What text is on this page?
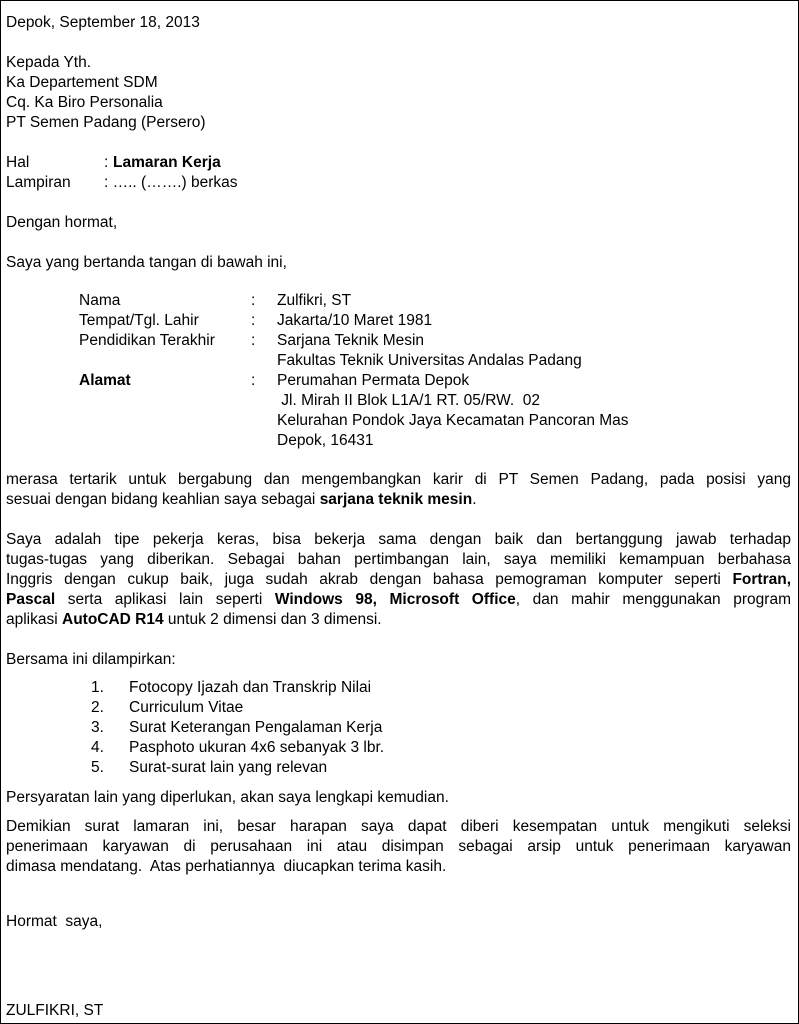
Depok, September 18, 2013
Kepada Yth.
Ka Departement SDM
Cq. Ka Biro Personalia
PT Semen Padang (Persero)
Hal	: Lamaran Kerja
Lampiran : ….. (…….) berkas
Dengan hormat,
Saya yang bertanda tangan di bawah ini,
Nama	: Zulfikri, ST
Tempat/Tgl. Lahir	: Jakarta/10 Maret 1981
Pendidikan Terakhir : Sarjana Teknik Mesin
Fakultas Teknik Universitas Andalas Padang
Alamat	: Perumahan Permata Depok
Jl. Mirah II Blok L1A/1 RT. 05/RW.  02
Kelurahan Pondok Jaya Kecamatan Pancoran Mas
Depok, 16431
merasa tertarik untuk bergabung dan mengembangkan karir di PT Semen Padang, pada posisi yang
sesuai dengan bidang keahlian saya sebagai sarjana teknik mesin.
Saya adalah tipe pekerja keras, bisa bekerja sama dengan baik dan bertanggung jawab terhadap
tugas-tugas yang diberikan. Sebagai bahan pertimbangan lain, saya memiliki kemampuan berbahasa
Inggris dengan cukup baik, juga sudah akrab dengan bahasa pemograman komputer seperti Fortran,
Pascal serta aplikasi lain seperti Windows 98, Microsoft Office, dan mahir menggunakan program
aplikasi AutoCAD R14 untuk 2 dimensi dan 3 dimensi.
Bersama ini dilampirkan:
1. Fotocopy Ijazah dan Transkrip Nilai
2. Curriculum Vitae
3. Surat Keterangan Pengalaman Kerja
4. Pasphoto ukuran 4x6 sebanyak 3 lbr.
5. Surat-surat lain yang relevan
Persyaratan lain yang diperlukan, akan saya lengkapi kemudian.
Demikian surat lamaran ini, besar harapan saya dapat diberi kesempatan untuk mengikuti seleksi
penerimaan karyawan di perusahaan ini atau disimpan sebagai arsip untuk penerimaan karyawan
dimasa mendatang.  Atas perhatiannya  diucapkan terima kasih.
Hormat  saya,
ZULFIKRI, ST
